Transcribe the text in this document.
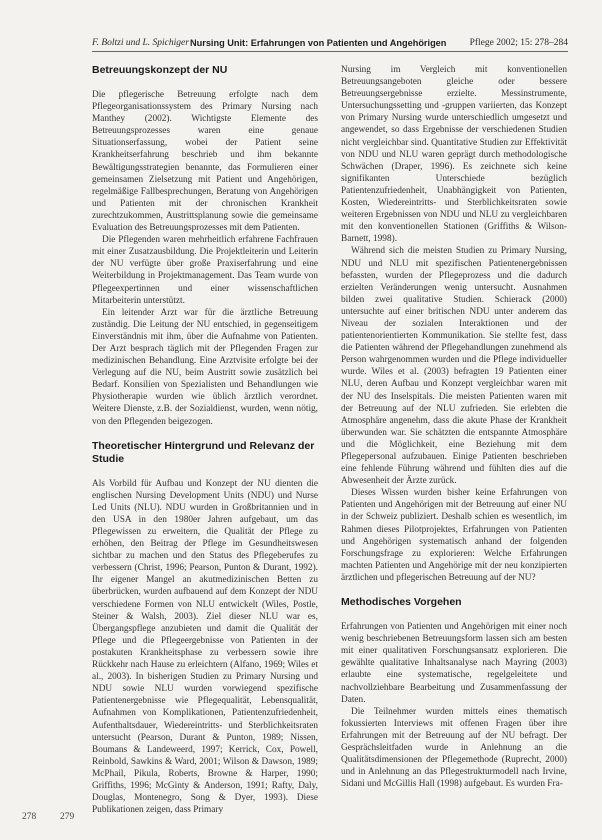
F. Boltzi und L. Spichiger Nursing Unit: Erfahrungen von Patienten und Angehörigen Pflege 2002; 15: 278–284
Betreuungskonzept der NU

Die pflegerische Betreuung erfolgte nach dem Pflegeorganisationssystem des Primary Nursing nach Manthey (2002). Wichtigste Elemente des Betreuungsprozesses waren eine genaue Situationserfassung, wobei der Patient seine Krankheitserfahrung beschrieb und ihm bekannte Bewältigungsstrategien benannte, das Formulieren einer gemeinsamen Zielsetzung mit Patient und Angehörigen, regelmäßige Fallbesprechungen, Beratung von Angehörigen und Patienten mit der chronischen Krankheit zurechtzukommen, Austrittsplanung sowie die gemeinsame Evaluation des Betreuungsprozesses mit dem Patienten.

Die Pflegenden waren mehrheitlich erfahrene Fachfrauen mit einer Zusatzausbildung. Die Projektleiterin und Leiterin der NU verfügte über große Praxiserfahrung und eine Weiterbildung in Projektmanagement. Das Team wurde von Pflegeexpertinnen und einer wissenschaftlichen Mitarbeiterin unterstützt.

Ein leitender Arzt war für die ärztliche Betreuung zuständig. Die Leitung der NU entschied, in gegenseitigem Einverständnis mit ihm, über die Aufnahme von Patienten. Der Arzt besprach täglich mit der Pflegenden Fragen zur medizinischen Behandlung. Eine Arztvisite erfolgte bei der Verlegung auf die NU, beim Austritt sowie zusätzlich bei Bedarf. Konsilien von Spezialisten und Behandlungen wie Physiotherapie wurden wie üblich ärztlich verordnet. Weitere Dienste, z.B. der Sozialdienst, wurden, wenn nötig, von den Pflegenden beigezogen.

Theoretischer Hintergrund und Relevanz der Studie

Als Vorbild für Aufbau und Konzept der NU dienten die englischen Nursing Development Units (NDU) und Nurse Led Units (NLU). NDU wurden in Großbritannien und in den USA in den 1980er Jahren aufgebaut, um das Pflegewissen zu erweitern, die Qualität der Pflege zu erhöhen, den Beitrag der Pflege im Gesundheitswesen sichtbar zu machen und den Status des Pflegeberufes zu verbessern (Christ, 1996; Pearson, Punton & Durant, 1992). Ihr eigener Mangel an akutmedizinischen Betten zu überbrücken, wurden aufbauend auf dem Konzept der NDU verschiedene Formen von NLU entwickelt (Wiles, Postle, Steiner & Walsh, 2003). Ziel dieser NLU war es, Übergangspflege anzubieten und damit die Qualität der Pflege und die Pflegeergebnisse von Patienten in der postakuten Krankheitsphase zu verbessern sowie ihre Rückkehr nach Hause zu erleichtern (Alfano, 1969; Wiles et al., 2003). In bisherigen Studien zu Primary Nursing und NDU sowie NLU wurden vorwiegend spezifische Patientenergebnisse wie Pflegequalität, Lebensqualität, Aufnahmen von Komplikationen, Patientenzufriedenheit, Aufenthaltsdauer, Wiedereintritts- und Sterblichkeitsraten untersucht (Pearson, Durant & Punton, 1989; Nissen, Boumans & Landeweerd, 1997; Kerrick, Cox, Powell, Reinbold, Sawkins & Ward, 2001; Wilson & Dawson, 1989; McPhail, Pikula, Roberts, Browne & Harper, 1990; Griffiths, 1996; McGinty & Anderson, 1991; Rafty, Daly, Douglas, Montenegro, Song & Dyer, 1993). Diese Publikationen zeigen, dass Primary

Nursing im Vergleich mit konventionellen Betreuungsangeboten gleiche oder bessere Betreuungsergebnisse erzielte. Messinstrumente, Untersuchungssetting und -gruppen variierten, das Konzept von Primary Nursing wurde unterschiedlich umgesetzt und angewendet, so dass Ergebnisse der verschiedenen Studien nicht vergleichbar sind. Quantitative Studien zur Effektivität von NDU und NLU waren geprägt durch methodologische Schwächen (Draper, 1996). Es zeichnete sich keine signifikanten Unterschiede bezüglich Patientenzufriedenheit, Unabhängigkeit von Patienten, Kosten, Wiedereintritts- und Sterblichkeitsraten sowie weiteren Ergebnissen von NDU und NLU zu vergleichbaren mit den konventionellen Stationen (Griffiths & Wilson-Barnett, 1998).

Während sich die meisten Studien zu Primary Nursing, NDU und NLU mit spezifischen Patientenergebnissen befassten, wurden der Pflegeprozess und die dadurch erzielten Veränderungen wenig untersucht. Ausnahmen bilden zwei qualitative Studien. Schierack (2000) untersuchte auf einer britischen NDU unter anderem das Niveau der sozialen Interaktionen und der patientenorientierten Kommunikation. Sie stellte fest, dass die Patienten während der Pflegehandlungen zunehmend als Person wahrgenommen wurden und die Pflege individueller wurde. Wiles et al. (2003) befragten 19 Patienten einer NLU, deren Aufbau und Konzept vergleichbar waren mit der NU des Inselspitals. Die meisten Patienten waren mit der Betreuung auf der NLU zufrieden. Sie erlebten die Atmosphäre angenehm, dass die akute Phase der Krankheit überwunden war. Sie schätzten die entspannte Atmosphäre und die Möglichkeit, eine Beziehung mit dem Pflegepersonal aufzubauen. Einige Patienten beschrieben eine fehlende Führung während und fühlten dies auf die Abwesenheit der Ärzte zurück.

Dieses Wissen wurden bisher keine Erfahrungen von Patienten und Angehörigen mit der Betreuung auf einer NU in der Schweiz publiziert. Deshalb schien es wesentlich, im Rahmen dieses Pilotprojektes, Erfahrungen von Patienten und Angehörigen systematisch anhand der folgenden Forschungsfrage zu explorieren: Welche Erfahrungen machten Patienten und Angehörige mit der neu konzipierten ärztlichen und pflegerischen Betreuung auf der NU?

Methodisches Vorgehen

Erfahrungen von Patienten und Angehörigen mit einer noch wenig beschriebenen Betreuungsform lassen sich am besten mit einer qualitativen Forschungsansatz explorieren. Die gewählte qualitative Inhaltsanalyse nach Mayring (2003) erlaubte eine systematische, regelgeleitete und nachvollziehbare Bearbeitung und Zusammenfassung der Daten.

Die Teilnehmer wurden mittels eines thematisch fokussierten Interviews mit offenen Fragen über ihre Erfahrungen mit der Betreuung auf der NU befragt. Der Gesprächsleitfaden wurde in Anlehnung an die Qualitätsdimensionen der Pflegemethode (Ruprecht, 2000) und in Anlehnung an das Pflegestrukturmodell nach Irvine, Sidani und McGillis Hall (1998) aufgebaut. Es wurden Fra-

278	279
